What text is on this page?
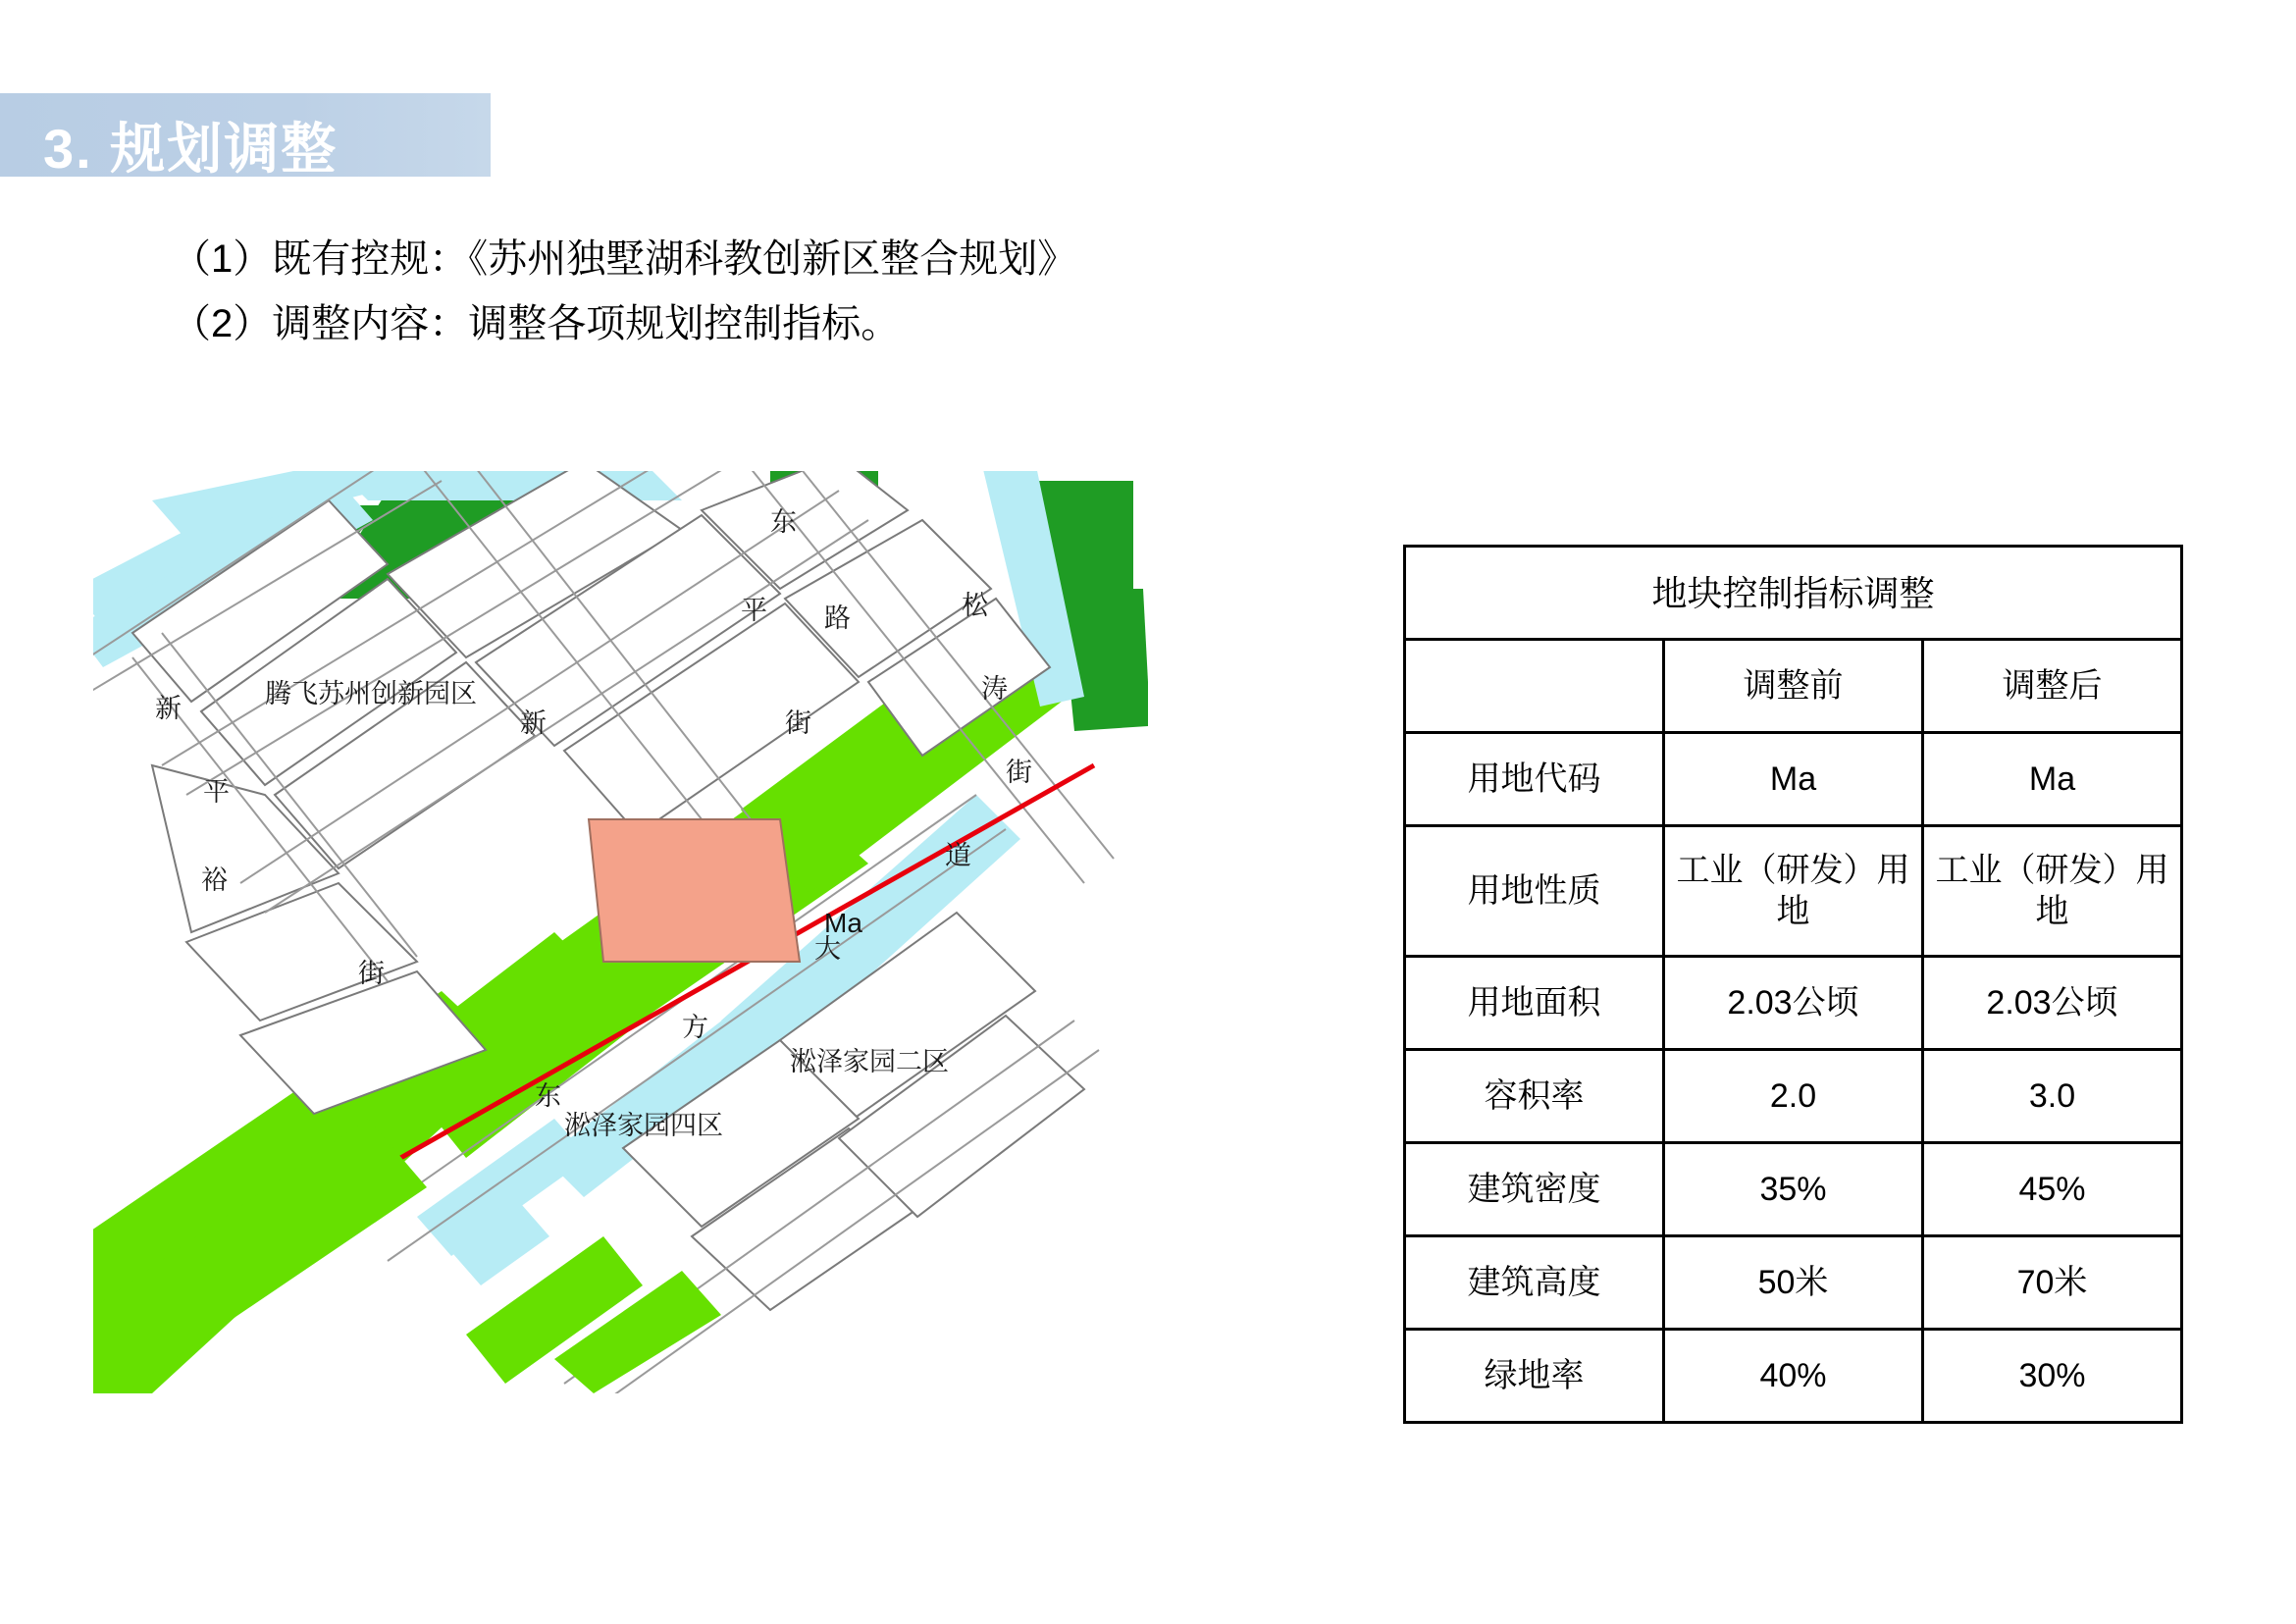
3. 规划调整
（1）既有控规：《苏州独墅湖科教创新区整合规划》
（2）调整内容：调整各项规划控制指标。
Ma
东
平 路
新
平
裕
街
新	街
松
涛
街
道
大
方
东
腾飞苏州创新园区
淞泽家园二区
淞泽家园四区
地块控制指标调整		
	调整前	调整后
用地代码	Ma	Ma
用地性质	工业（研发）用地	工业（研发）用地
用地面积	2.03公顷	2.03公顷
容积率	2.0	3.0
建筑密度	35%	45%
建筑高度	50米	70米
绿地率	40%	30%
